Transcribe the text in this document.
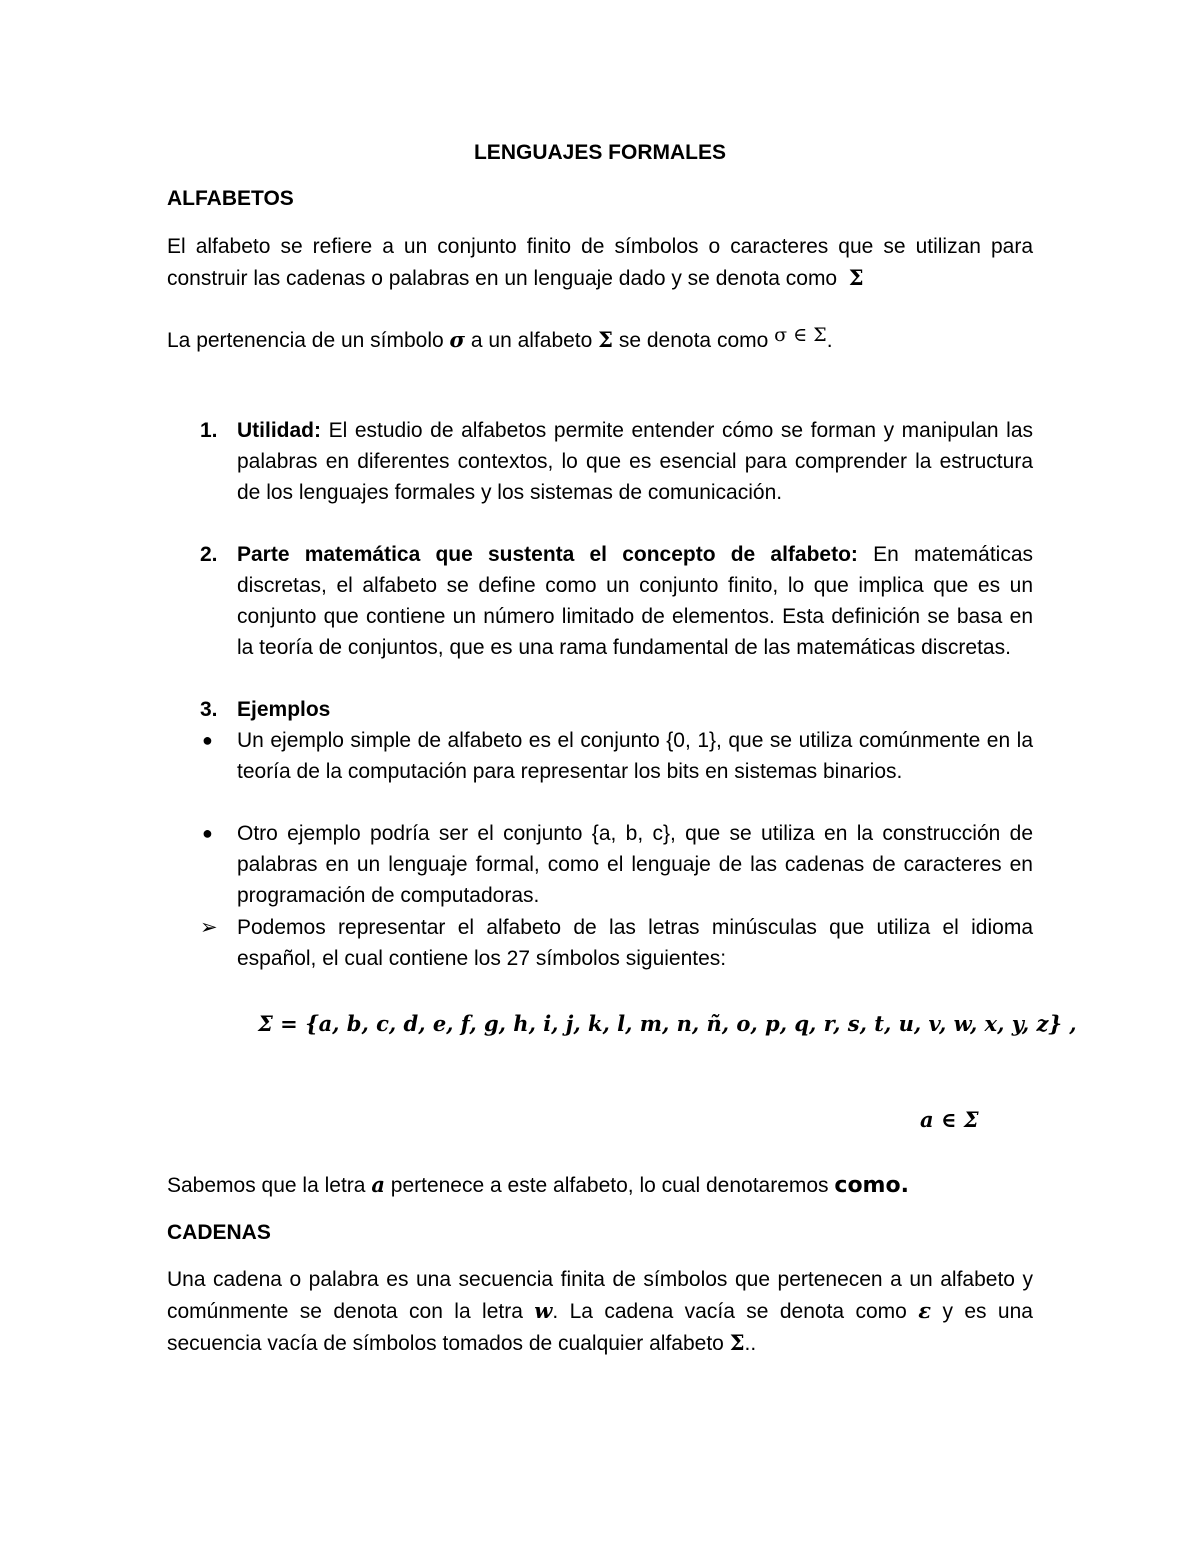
LENGUAJES FORMALES
ALFABETOS

El alfabeto se refiere a un conjunto finito de símbolos o caracteres que se utilizan para construir las cadenas o palabras en un lenguaje dado y se denota como Σ

La pertenencia de un símbolo σ a un alfabeto Σ se denota como σ ∈ Σ.

1. Utilidad: El estudio de alfabetos permite entender cómo se forman y manipulan las palabras en diferentes contextos, lo que es esencial para comprender la estructura de los lenguajes formales y los sistemas de comunicación.
2. Parte matemática que sustenta el concepto de alfabeto: En matemáticas discretas, el alfabeto se define como un conjunto finito, lo que implica que es un conjunto que contiene un número limitado de elementos. Esta definición se basa en la teoría de conjuntos, que es una rama fundamental de las matemáticas discretas.
3. Ejemplos
● Un ejemplo simple de alfabeto es el conjunto {0, 1}, que se utiliza comúnmente en la teoría de la computación para representar los bits en sistemas binarios.
● Otro ejemplo podría ser el conjunto {a, b, c}, que se utiliza en la construcción de palabras en un lenguaje formal, como el lenguaje de las cadenas de caracteres en programación de computadoras.
➢ Podemos representar el alfabeto de las letras minúsculas que utiliza el idioma español, el cual contiene los 27 símbolos siguientes:
Σ = {a, b, c, d, e, f, g, h, i, j, k, l, m, n, ñ, o, p, q, r, s, t, u, v, w, x, y, z} ,
a ∈ Σ

Sabemos que la letra a pertenece a este alfabeto, lo cual denotaremos como.

CADENAS

Una cadena o palabra es una secuencia finita de símbolos que pertenecen a un alfabeto y comúnmente se denota con la letra w. La cadena vacía se denota como ε y es una secuencia vacía de símbolos tomados de cualquier alfabeto Σ..
